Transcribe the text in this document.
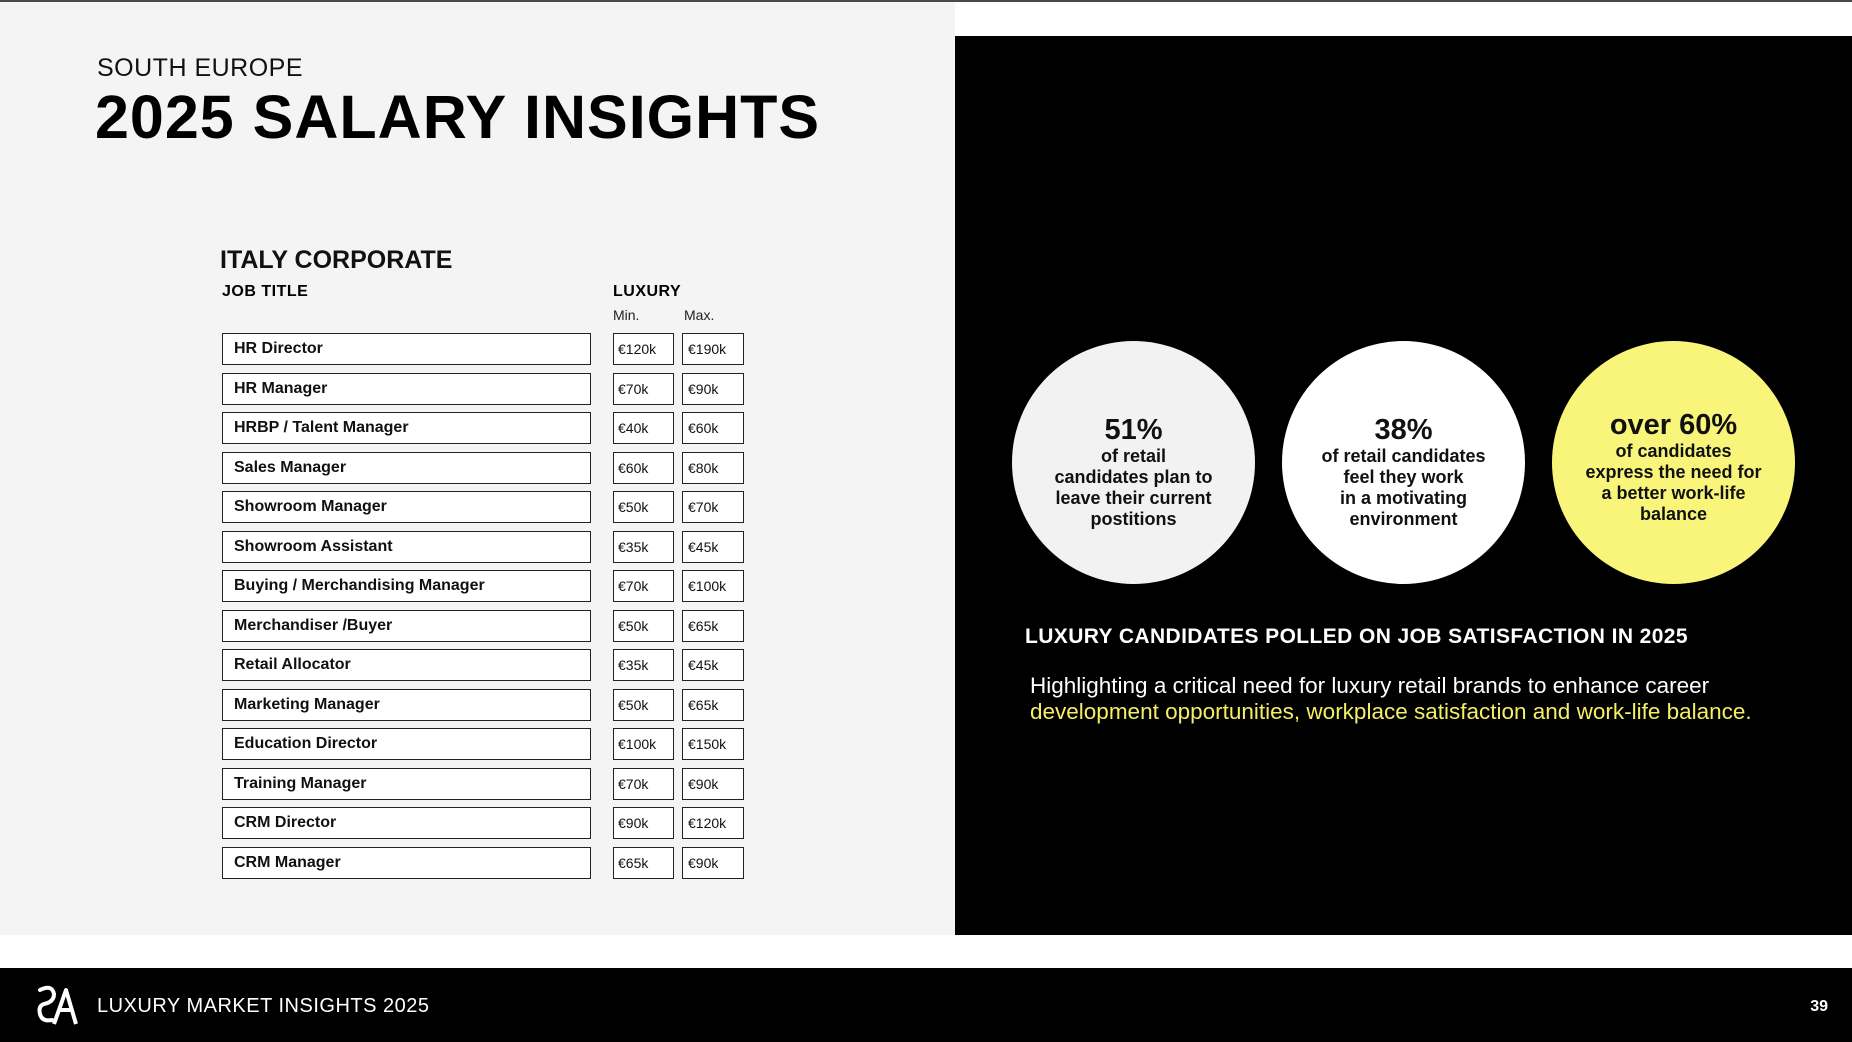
SOUTH EUROPE
2025 SALARY INSIGHTS
ITALY CORPORATE
JOB TITLE	LUXURY
Min.	Max.
HR Director	€120k	€190k
HR Manager	€70k	€90k
HRBP / Talent Manager	€40k	€60k
Sales Manager	€60k	€80k
Showroom Manager	€50k	€70k
Showroom Assistant	€35k	€45k
Buying / Merchandising Manager	€70k	€100k
Merchandiser /Buyer	€50k	€65k
Retail Allocator	€35k	€45k
Marketing Manager	€50k	€65k
Education Director	€100k	€150k
Training Manager	€70k	€90k
CRM Director	€90k	€120k
CRM Manager	€65k	€90k
51%
of retail
candidates plan to
leave their current
postitions
38%
of retail candidates
feel they work
in a motivating
environment
over 60%
of candidates
express the need for
a better work-life
balance
LUXURY CANDIDATES POLLED ON JOB SATISFACTION IN 2025
Highlighting a critical need for luxury retail brands to enhance career development opportunities, workplace satisfaction and work-life balance.
LUXURY MARKET INSIGHTS 2025	39
